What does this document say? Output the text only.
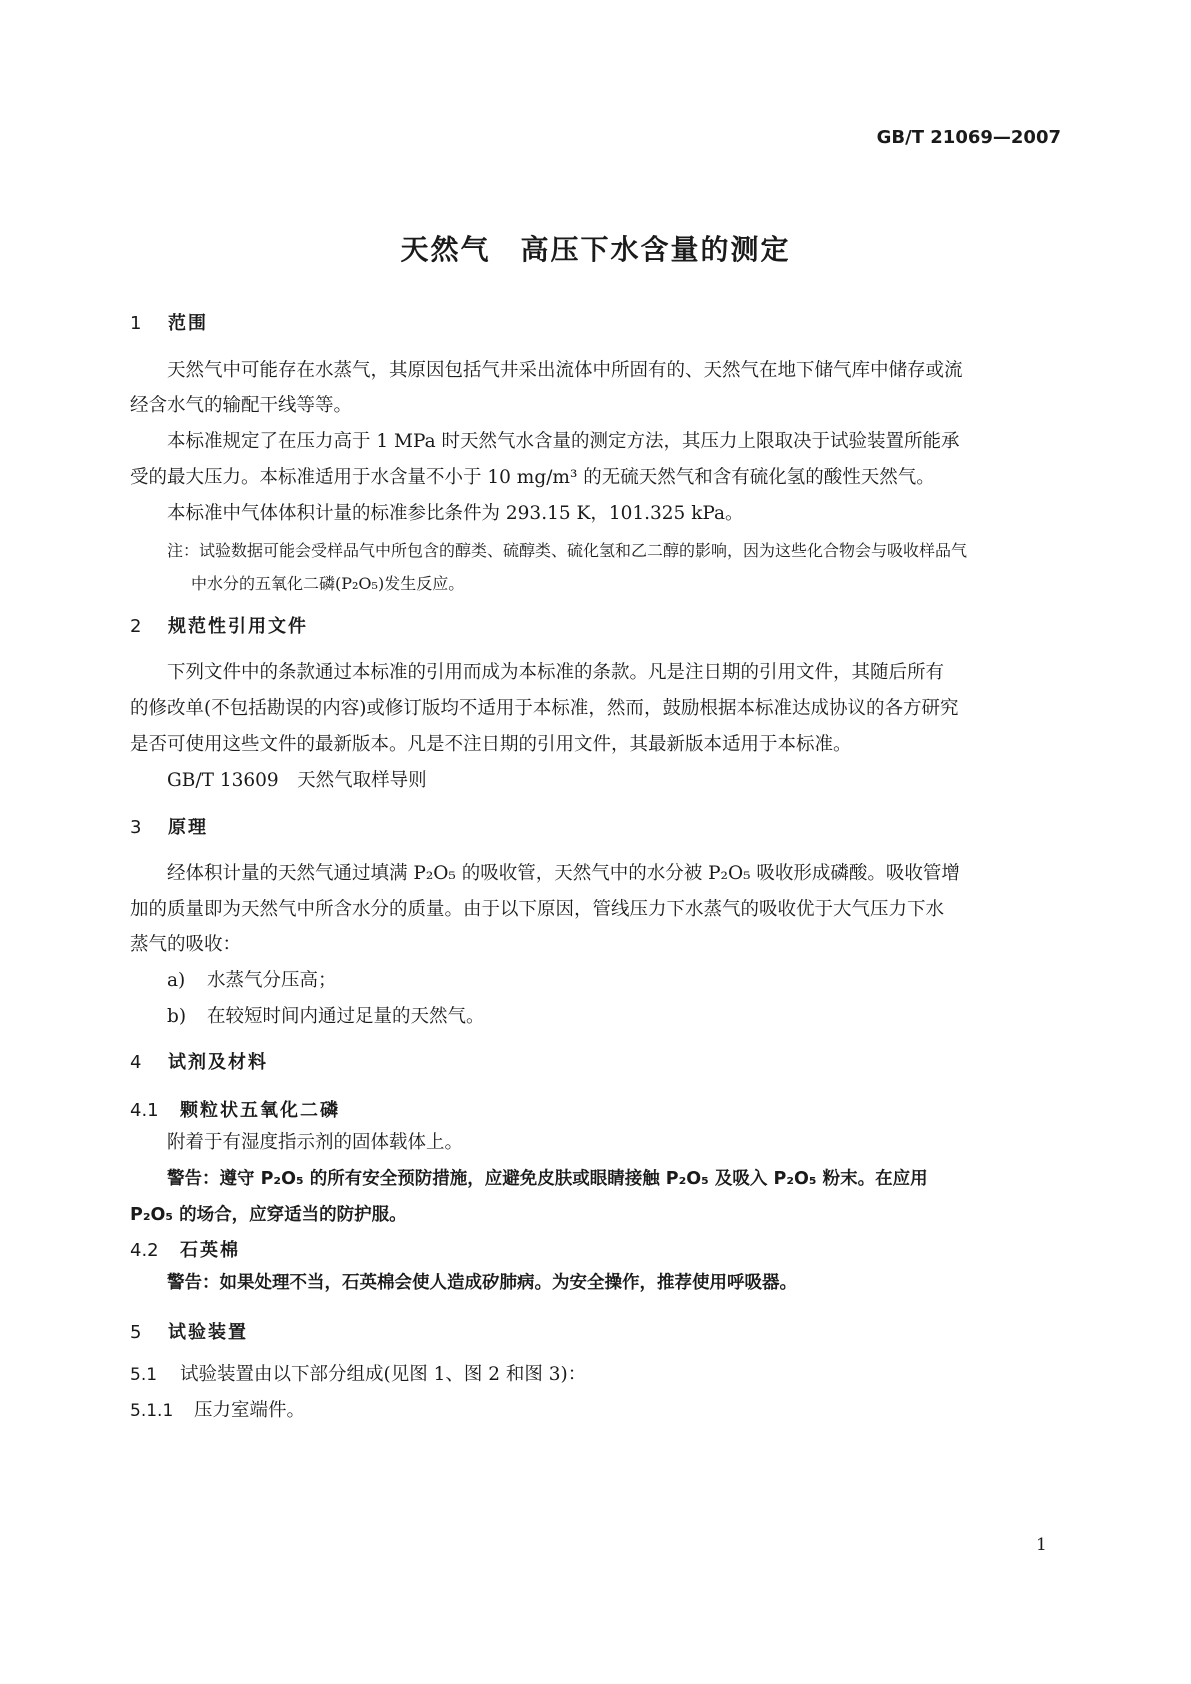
GB/T 21069—2007
天然气　高压下水含量的测定
1 范围
天然气中可能存在水蒸气，其原因包括气井采出流体中所固有的、天然气在地下储气库中储存或流
经含水气的输配干线等等。
本标准规定了在压力高于 1 MPa 时天然气水含量的测定方法，其压力上限取决于试验装置所能承
受的最大压力。本标准适用于水含量不小于 10 mg/m³ 的无硫天然气和含有硫化氢的酸性天然气。
本标准中气体体积计量的标准参比条件为 293.15 K，101.325 kPa。
注：试验数据可能会受样品气中所包含的醇类、硫醇类、硫化氢和乙二醇的影响，因为这些化合物会与吸收样品气
中水分的五氧化二磷(P₂O₅)发生反应。
2 规范性引用文件
下列文件中的条款通过本标准的引用而成为本标准的条款。凡是注日期的引用文件，其随后所有
的修改单(不包括勘误的内容)或修订版均不适用于本标准，然而，鼓励根据本标准达成协议的各方研究
是否可使用这些文件的最新版本。凡是不注日期的引用文件，其最新版本适用于本标准。
GB/T 13609　天然气取样导则
3 原理
经体积计量的天然气通过填满 P₂O₅ 的吸收管，天然气中的水分被 P₂O₅ 吸收形成磷酸。吸收管增
加的质量即为天然气中所含水分的质量。由于以下原因，管线压力下水蒸气的吸收优于大气压力下水
蒸气的吸收：
a) 水蒸气分压高；
b) 在较短时间内通过足量的天然气。
4 试剂及材料
4.1 颗粒状五氧化二磷
附着于有湿度指示剂的固体载体上。
警告：遵守 P₂O₅ 的所有安全预防措施，应避免皮肤或眼睛接触 P₂O₅ 及吸入 P₂O₅ 粉末。在应用
P₂O₅ 的场合，应穿适当的防护服。
4.2 石英棉
警告：如果处理不当，石英棉会使人造成矽肺病。为安全操作，推荐使用呼吸器。
5 试验装置
5.1 试验装置由以下部分组成(见图 1、图 2 和图 3)：
5.1.1 压力室端件。
1
